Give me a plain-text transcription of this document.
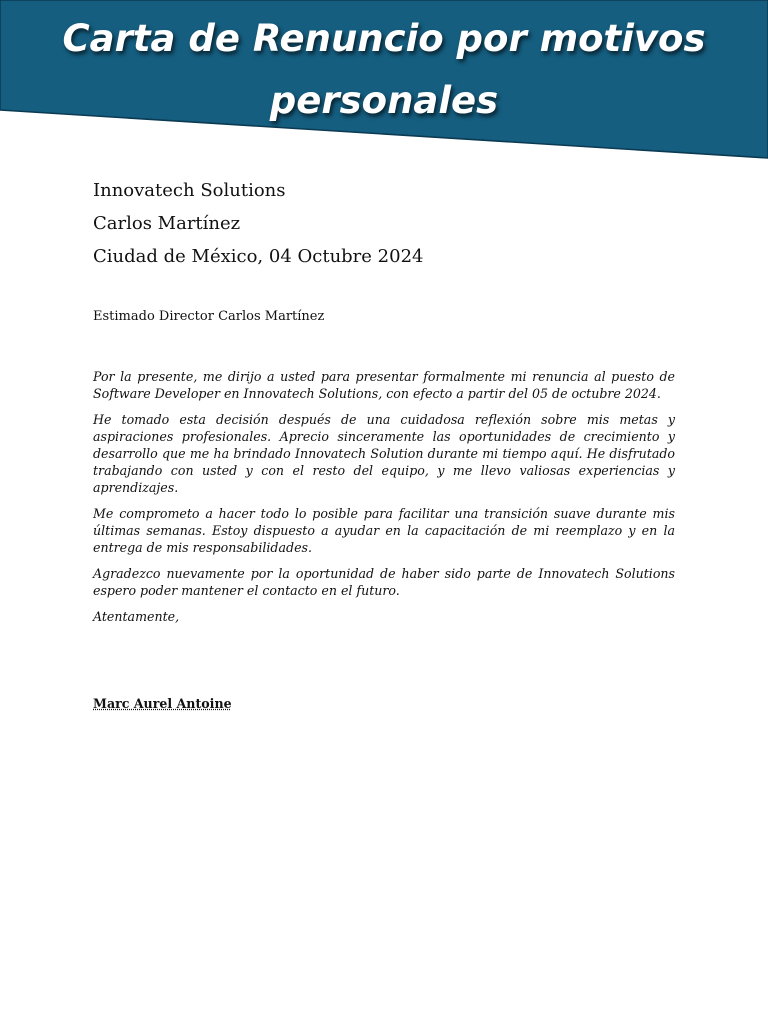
Carta de Renuncio por motivos
personales
Innovatech Solutions
Carlos Martínez
Ciudad de México, 04 Octubre 2024
Estimado Director Carlos Martínez

Por la presente, me dirijo a usted para presentar formalmente mi renuncia al puesto de Software Developer en Innovatech Solutions, con efecto a partir del 05 de octubre 2024.

He tomado esta decisión después de una cuidadosa reflexión sobre mis metas y aspiraciones profesionales. Aprecio sinceramente las oportunidades de crecimiento y desarrollo que me ha brindado Innovatech Solution durante mi tiempo aquí. He disfrutado trabajando con usted y con el resto del equipo, y me llevo valiosas experiencias y aprendizajes.

Me comprometo a hacer todo lo posible para facilitar una transición suave durante mis últimas semanas. Estoy dispuesto a ayudar en la capacitación de mi reemplazo y en la entrega de mis responsabilidades.

Agradezco nuevamente por la oportunidad de haber sido parte de Innovatech Solutions espero poder mantener el contacto en el futuro.

Atentamente,

Marc Aurel Antoine
